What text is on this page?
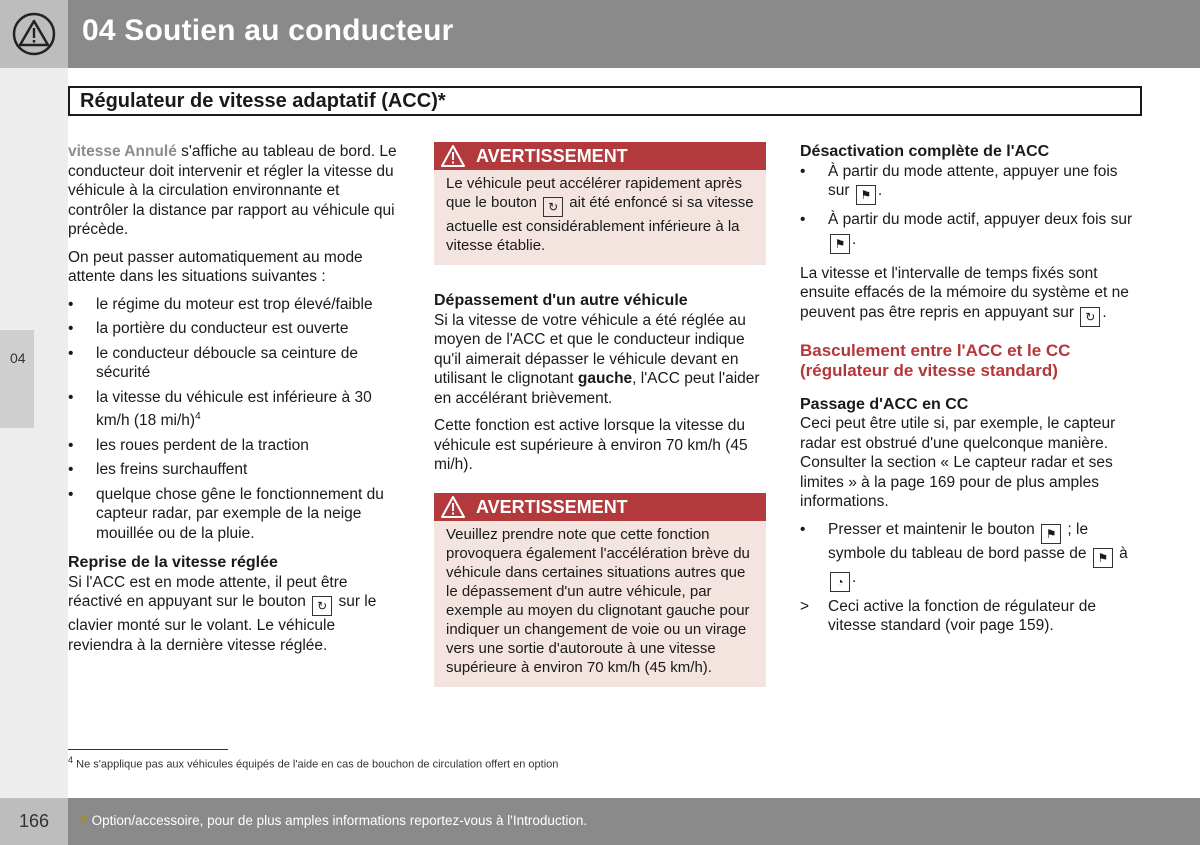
04 Soutien au conducteur
04
Régulateur de vitesse adaptatif (ACC)*

vitesse Annulé s'affiche au tableau de bord. Le conducteur doit intervenir et régler la vitesse du véhicule à la circulation environnante et contrôler la distance par rapport au véhicule qui précède.

On peut passer automatiquement au mode attente dans les situations suivantes :

• le régime du moteur est trop élevé/faible
• la portière du conducteur est ouverte
• le conducteur déboucle sa ceinture de sécurité
• la vitesse du véhicule est inférieure à 30 km/h (18 mi/h)$^4$
• les roues perdent de la traction
• les freins surchauffent
• quelque chose gêne le fonctionnement du capteur radar, par exemple de la neige mouillée ou de la pluie.
Reprise de la vitesse réglée

Si l'ACC est en mode attente, il peut être réactivé en appuyant sur le bouton ↻ sur le clavier monté sur le volant. Le véhicule reviendra à la dernière vitesse réglée.

AVERTISSEMENT
Le véhicule peut accélérer rapidement après que le bouton ↻ ait été enfoncé si sa vitesse actuelle est considérablement inférieure à la vitesse établie.
Dépassement d'un autre véhicule

Si la vitesse de votre véhicule a été réglée au moyen de l'ACC et que le conducteur indique qu'il aimerait dépasser le véhicule devant en utilisant le clignotant gauche, l'ACC peut l'aider en accélérant brièvement.

Cette fonction est active lorsque la vitesse du véhicule est supérieure à environ 70 km/h (45 mi/h).

AVERTISSEMENT
Veuillez prendre note que cette fonction provoquera également l'accélération brève du véhicule dans certaines situations autres que le dépassement d'un autre véhicule, par exemple au moyen du clignotant gauche pour indiquer un changement de voie ou un virage vers une sortie d'autoroute à une vitesse supérieure à environ 70 km/h (45 km/h).
Désactivation complète de l'ACC
• À partir du mode attente, appuyer une fois sur ⚑ .
• À partir du mode actif, appuyer deux fois sur ⚑ .

La vitesse et l'intervalle de temps fixés sont ensuite effacés de la mémoire du système et ne peuvent pas être repris en appuyant sur ↻ .

Basculement entre l'ACC et le CC (régulateur de vitesse standard)
Passage d'ACC en CC

Ceci peut être utile si, par exemple, le capteur radar est obstrué d'une quelconque manière. Consulter la section « Le capteur radar et ses limites » à la page 169 pour de plus amples informations.

• Presser et maintenir le bouton ⚑ ; le symbole du tableau de bord passe de ⚑ à ◔ .
> Ceci active la fonction de régulateur de vitesse standard (voir page 159).
$^4$ Ne s'applique pas aux véhicules équipés de l'aide en cas de bouchon de circulation offert en option
166	* Option/accessoire, pour de plus amples informations reportez-vous à l'Introduction.
